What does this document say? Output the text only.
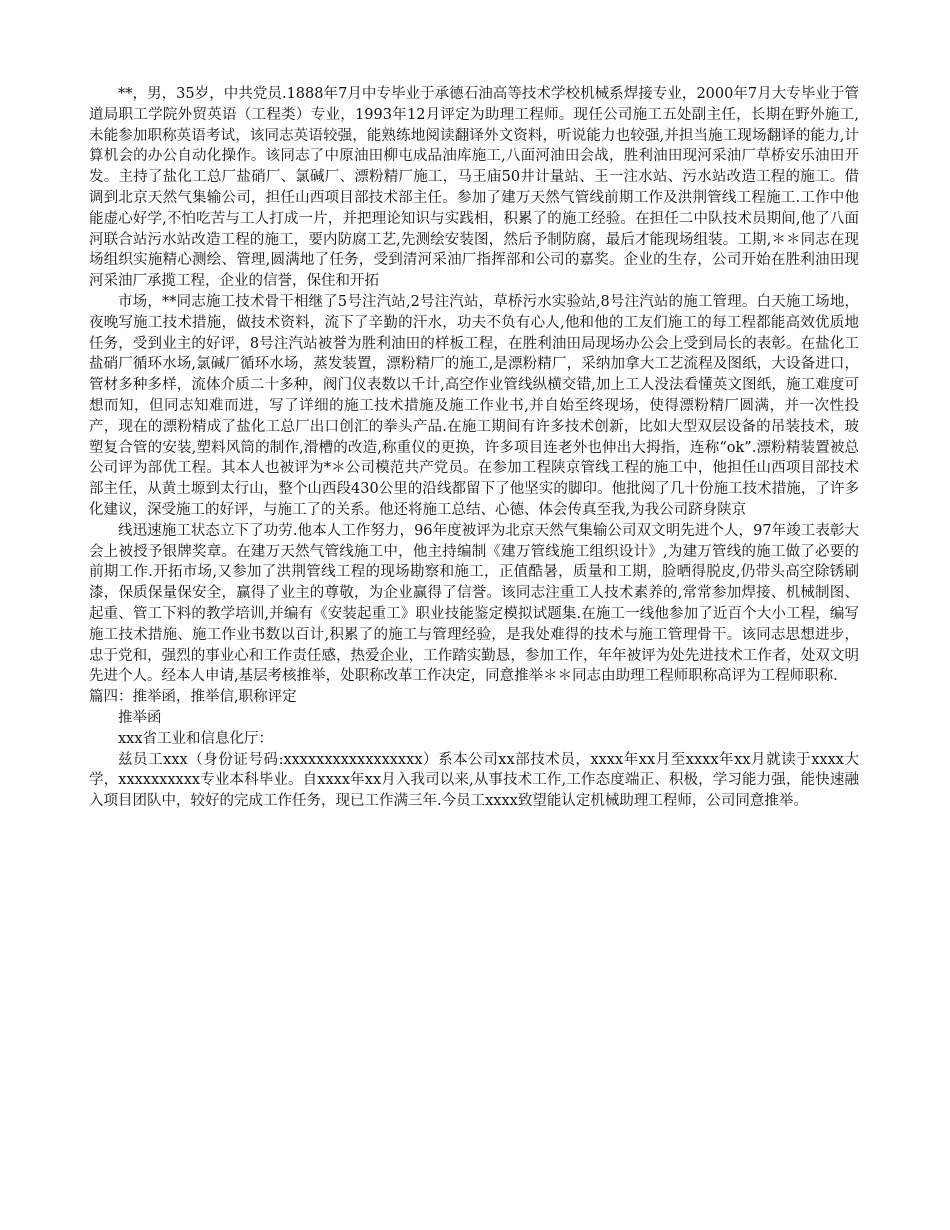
**，男，35岁，中共党员.1888年7月中专毕业于承德石油高等技术学校机械系焊接专业，2000年7月大专毕业于管道局职工学院外贸英语（工程类）专业，1993年12月评定为助理工程师。现任公司施工五处副主任，长期在野外施工,未能参加职称英语考试，该同志英语较强，能熟练地阅读翻译外文资料，听说能力也较强,并担当施工现场翻译的能力,计算机会的办公自动化操作。该同志了中原油田柳屯成品油库施工,八面河油田会战，胜利油田现河采油厂草桥安乐油田开发。主持了盐化工总厂盐硝厂、氯碱厂、漂粉精厂施工，马王庙50井计量站、王一注水站、污水站改造工程的施工。借调到北京天然气集输公司，担任山西项目部技术部主任。参加了建万天然气管线前期工作及洪荆管线工程施工.工作中他能虚心好学,不怕吃苦与工人打成一片，并把理论知识与实践相，积累了的施工经验。在担任二中队技术员期间,他了八面河联合站污水站改造工程的施工，要内防腐工艺,先测绘安装图，然后予制防腐，最后才能现场组装。工期,＊＊同志在现场组织实施精心测绘、管理,圆满地了任务，受到清河采油厂指挥部和公司的嘉奖。企业的生存，公司开始在胜利油田现河采油厂承揽工程，企业的信誉，保住和开拓

市场，**同志施工技术骨干相继了5号注汽站,2号注汽站，草桥污水实验站,8号注汽站的施工管理。白天施工场地，夜晚写施工技术措施，做技术资料，流下了辛勤的汗水，功夫不负有心人,他和他的工友们施工的每工程都能高效优质地任务，受到业主的好评，8号注汽站被誉为胜利油田的样板工程，在胜利油田局现场办公会上受到局长的表彰。在盐化工盐硝厂循环水场,氯碱厂循环水场，蒸发装置，漂粉精厂的施工,是漂粉精厂，采纳加拿大工艺流程及图纸，大设备进口，管材多种多样，流体介质二十多种，阀门仪表数以千计,高空作业管线纵横交错,加上工人没法看懂英文图纸，施工难度可想而知，但同志知难而进，写了详细的施工技术措施及施工作业书,并自始至终现场，使得漂粉精厂圆满，并一次性投产，现在的漂粉精成了盐化工总厂出口创汇的拳头产品.在施工期间有许多技术创新，比如大型双层设备的吊装技术，玻塑复合管的安装,塑料风筒的制作,滑槽的改造,称重仪的更换，许多项目连老外也伸出大拇指，连称“ok”.漂粉精装置被总公司评为部优工程。其本人也被评为*＊公司模范共产党员。在参加工程陕京管线工程的施工中，他担任山西项目部技术部主任，从黄土塬到太行山，整个山西段430公里的沿线都留下了他坚实的脚印。他批阅了几十份施工技术措施，了许多化建议，深受施工的好评，与施工了的关系。他还将施工总结、心德、体会传真至我,为我公司跻身陕京

线迅速施工状态立下了功劳.他本人工作努力，96年度被评为北京天然气集输公司双文明先进个人，97年竣工表彰大会上被授予银牌奖章。在建万天然气管线施工中，他主持编制《建万管线施工组织设计》,为建万管线的施工做了必要的前期工作.开拓市场,又参加了洪荆管线工程的现场勘察和施工，正值酷暑，质量和工期，脸晒得脱皮,仍带头高空除锈刷漆，保质保量保安全，赢得了业主的尊敬，为企业赢得了信誉。该同志注重工人技术素养的,常常参加焊接、机械制图、起重、管工下料的教学培训,并编有《安装起重工》职业技能鉴定模拟试题集.在施工一线他参加了近百个大小工程，编写施工技术措施、施工作业书数以百计,积累了的施工与管理经验，是我处难得的技术与施工管理骨干。该同志思想进步，忠于党和，强烈的事业心和工作责任感，热爱企业，工作踏实勤恳，参加工作，年年被评为处先进技术工作者，处双文明先进个人。经本人申请,基层考核推举，处职称改革工作决定，同意推举＊＊同志由助理工程师职称高评为工程师职称.

篇四：推举函，推举信,职称评定

推举函

xxx省工业和信息化厅：

兹员工xxx（身份证号码:xxxxxxxxxxxxxxxxx）系本公司xx部技术员，xxxx年xx月至xxxx年xx月就读于xxxx大学，xxxxxxxxxx专业本科毕业。自xxxx年xx月入我司以来,从事技术工作,工作态度端正、积极，学习能力强，能快速融入项目团队中，较好的完成工作任务，现已工作满三年.今员工xxxx致望能认定机械助理工程师，公司同意推举。
